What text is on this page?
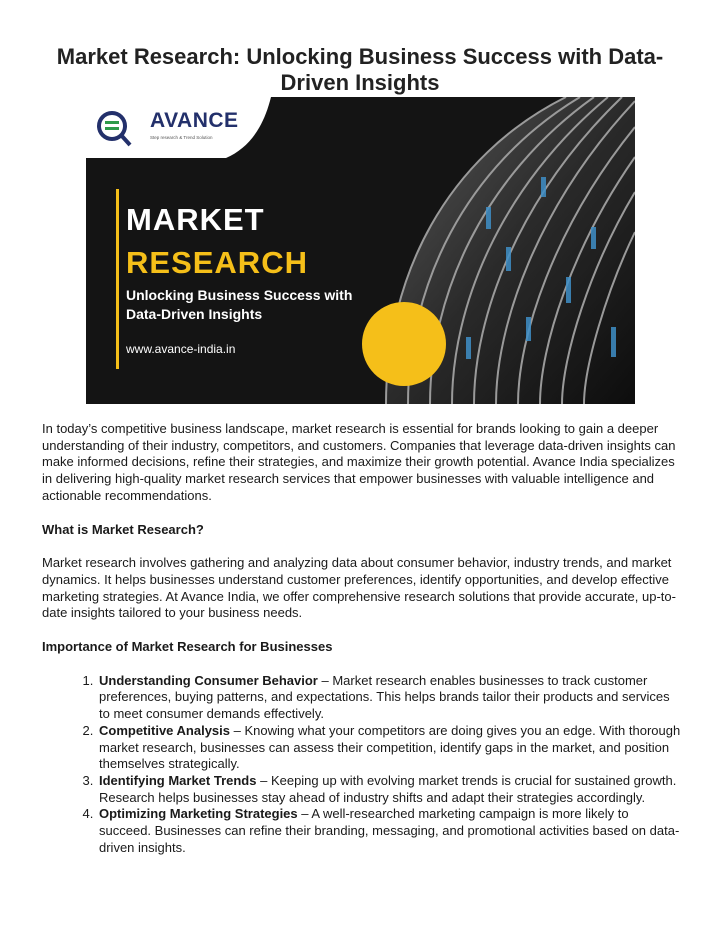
Market Research: Unlocking Business Success with Data-Driven Insights
AVANCE
Step research & Trend Solution
MARKET
RESEARCH
Unlocking Business Success with Data-Driven Insights
www.avance-india.in

In today’s competitive business landscape, market research is essential for brands looking to gain a deeper understanding of their industry, competitors, and customers. Companies that leverage data-driven insights can make informed decisions, refine their strategies, and maximize their growth potential. Avance India specializes in delivering high-quality market research services that empower businesses with valuable intelligence and actionable recommendations.

What is Market Research?

Market research involves gathering and analyzing data about consumer behavior, industry trends, and market dynamics. It helps businesses understand customer preferences, identify opportunities, and develop effective marketing strategies. At Avance India, we offer comprehensive research solutions that provide accurate, up-to-date insights tailored to your business needs.

Importance of Market Research for Businesses

1. Understanding Consumer Behavior – Market research enables businesses to track customer preferences, buying patterns, and expectations. This helps brands tailor their products and services to meet consumer demands effectively.
2. Competitive Analysis – Knowing what your competitors are doing gives you an edge. With thorough market research, businesses can assess their competition, identify gaps in the market, and position themselves strategically.
3. Identifying Market Trends – Keeping up with evolving market trends is crucial for sustained growth. Research helps businesses stay ahead of industry shifts and adapt their strategies accordingly.
4. Optimizing Marketing Strategies – A well-researched marketing campaign is more likely to succeed. Businesses can refine their branding, messaging, and promotional activities based on data-driven insights.
